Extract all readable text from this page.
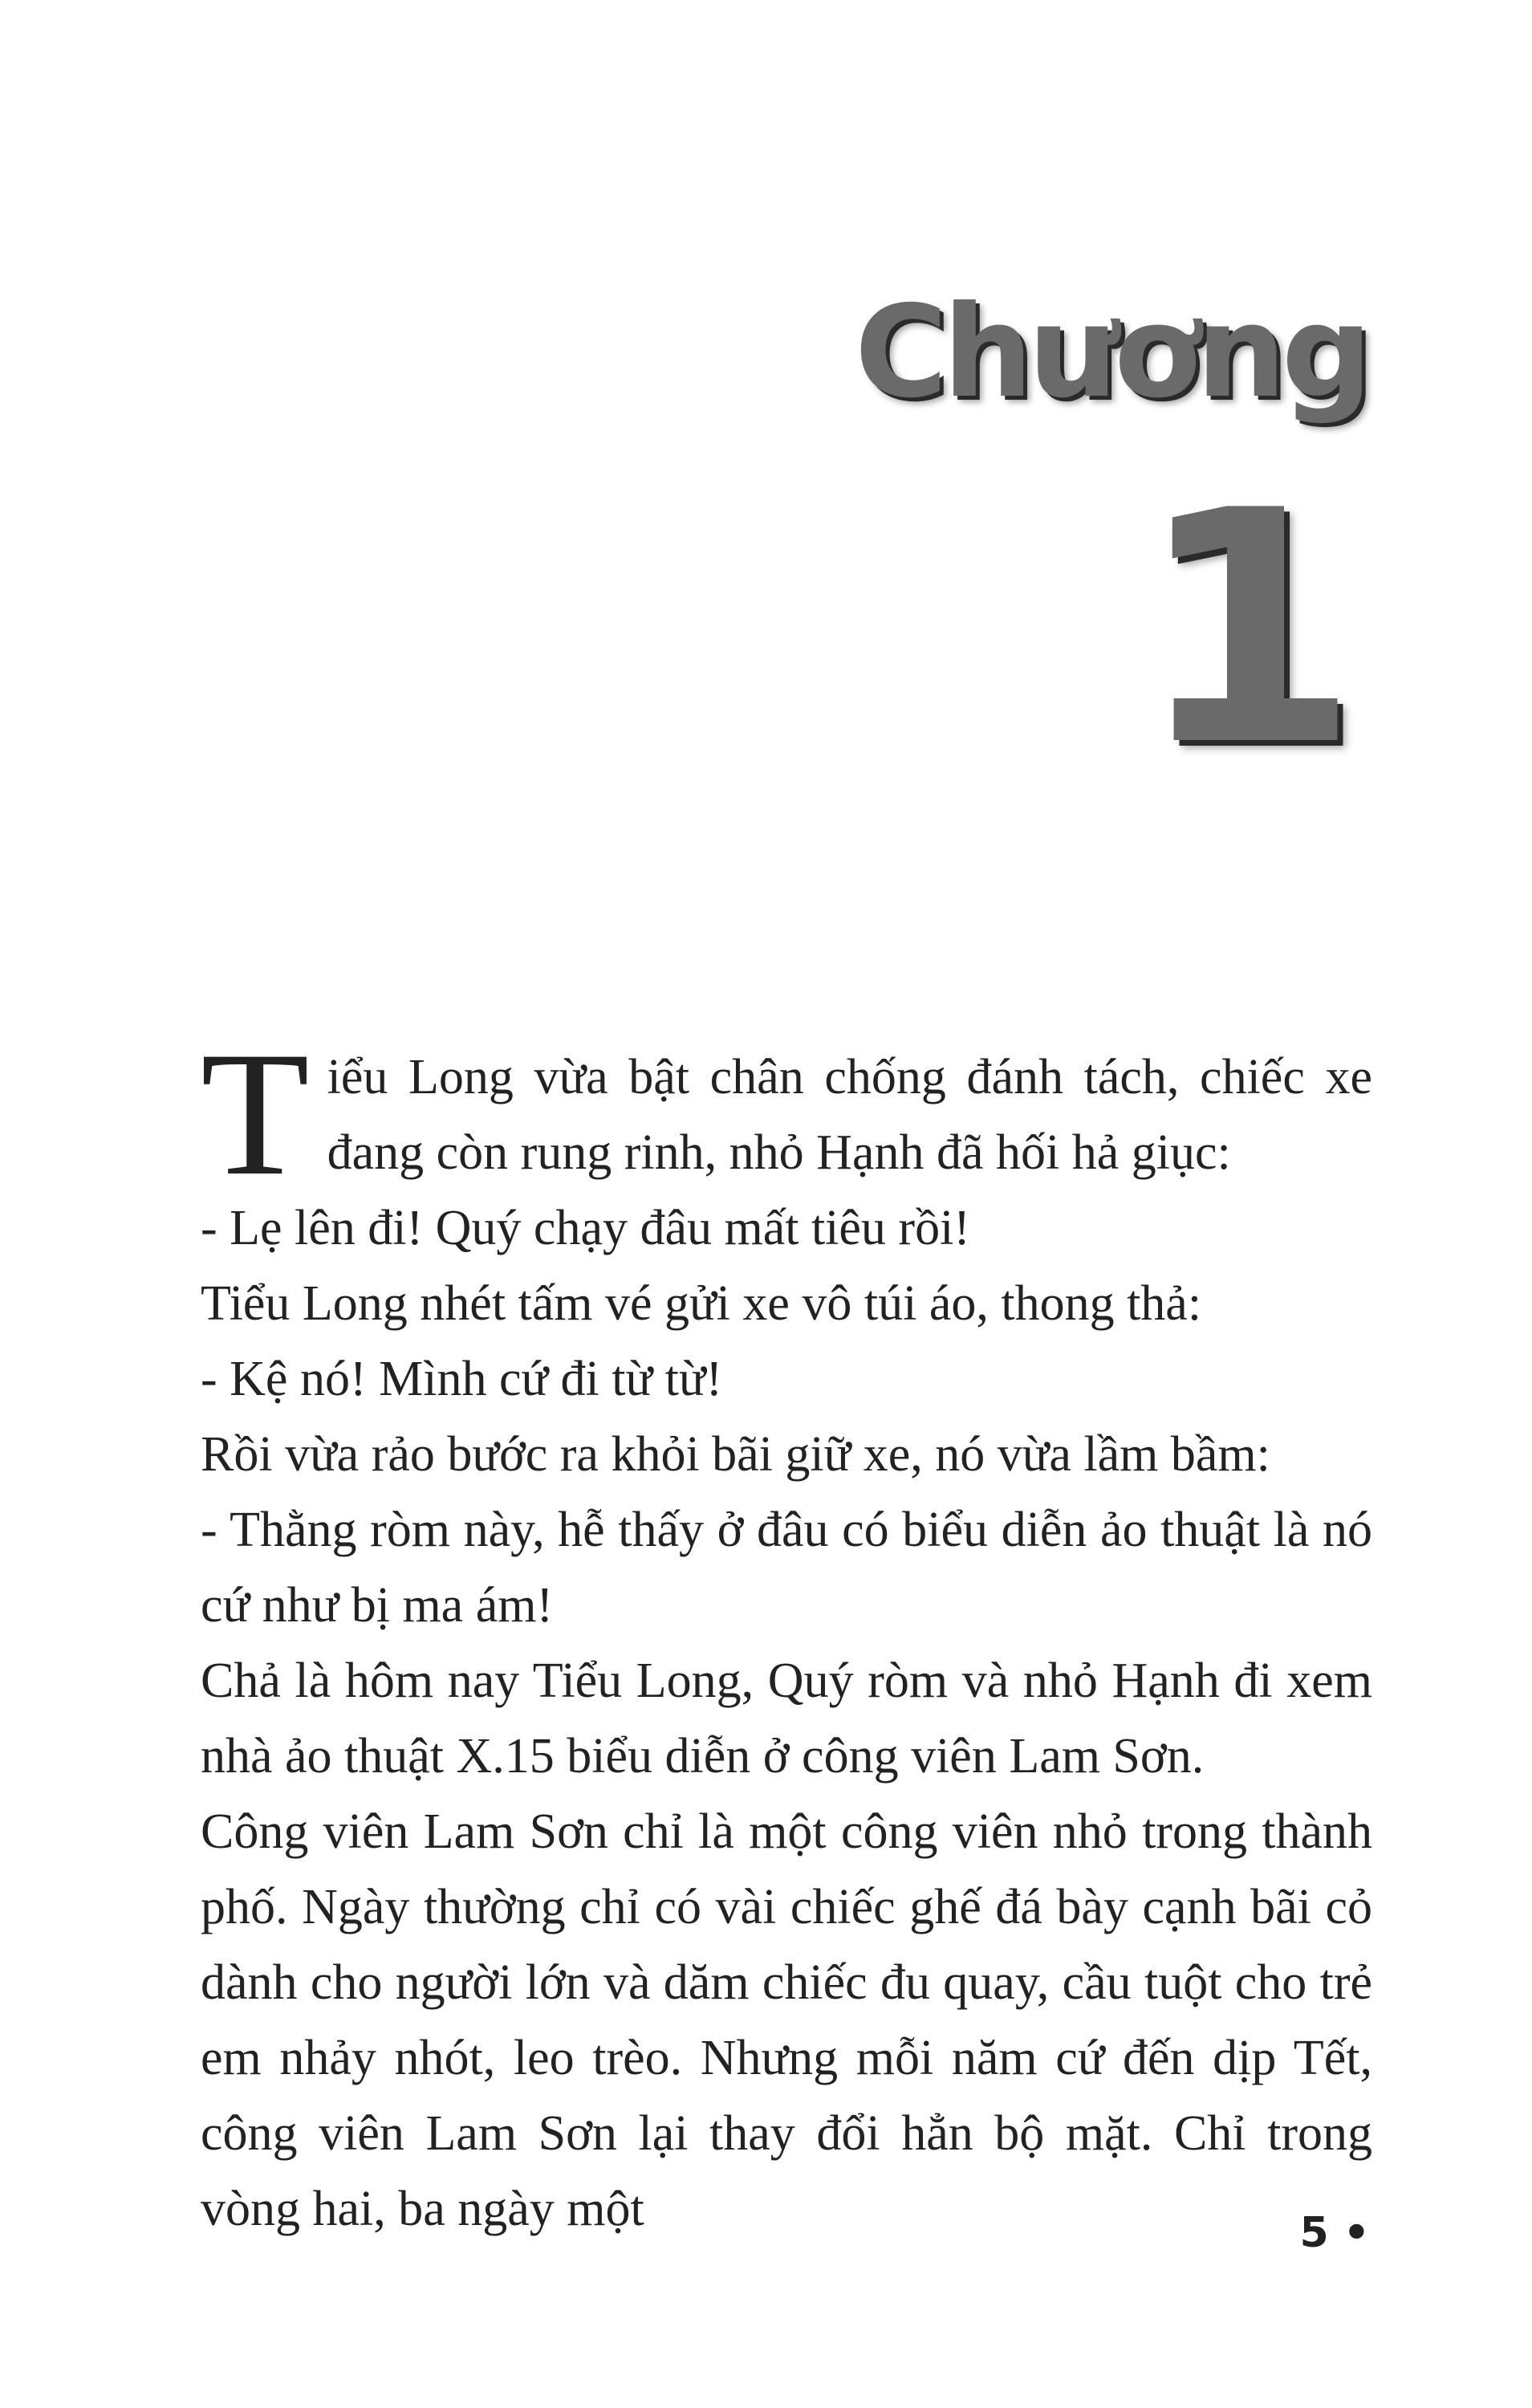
Chương
1

Tiểu Long vừa bật chân chống đánh tách, chiếc xe đang còn rung rinh, nhỏ Hạnh đã hối hả giục:

- Lẹ lên đi! Quý chạy đâu mất tiêu rồi!

Tiểu Long nhét tấm vé gửi xe vô túi áo, thong thả:

- Kệ nó! Mình cứ đi từ từ!

Rồi vừa rảo bước ra khỏi bãi giữ xe, nó vừa lầm bầm:

- Thằng ròm này, hễ thấy ở đâu có biểu diễn ảo thuật là nó cứ như bị ma ám!

Chả là hôm nay Tiểu Long, Quý ròm và nhỏ Hạnh đi xem nhà ảo thuật X.15 biểu diễn ở công viên Lam Sơn.

Công viên Lam Sơn chỉ là một công viên nhỏ trong thành phố. Ngày thường chỉ có vài chiếc ghế đá bày cạnh bãi cỏ dành cho người lớn và dăm chiếc đu quay, cầu tuột cho trẻ em nhảy nhót, leo trèo. Nhưng mỗi năm cứ đến dịp Tết, công viên Lam Sơn lại thay đổi hẳn bộ mặt. Chỉ trong vòng hai, ba ngày một	5 •
